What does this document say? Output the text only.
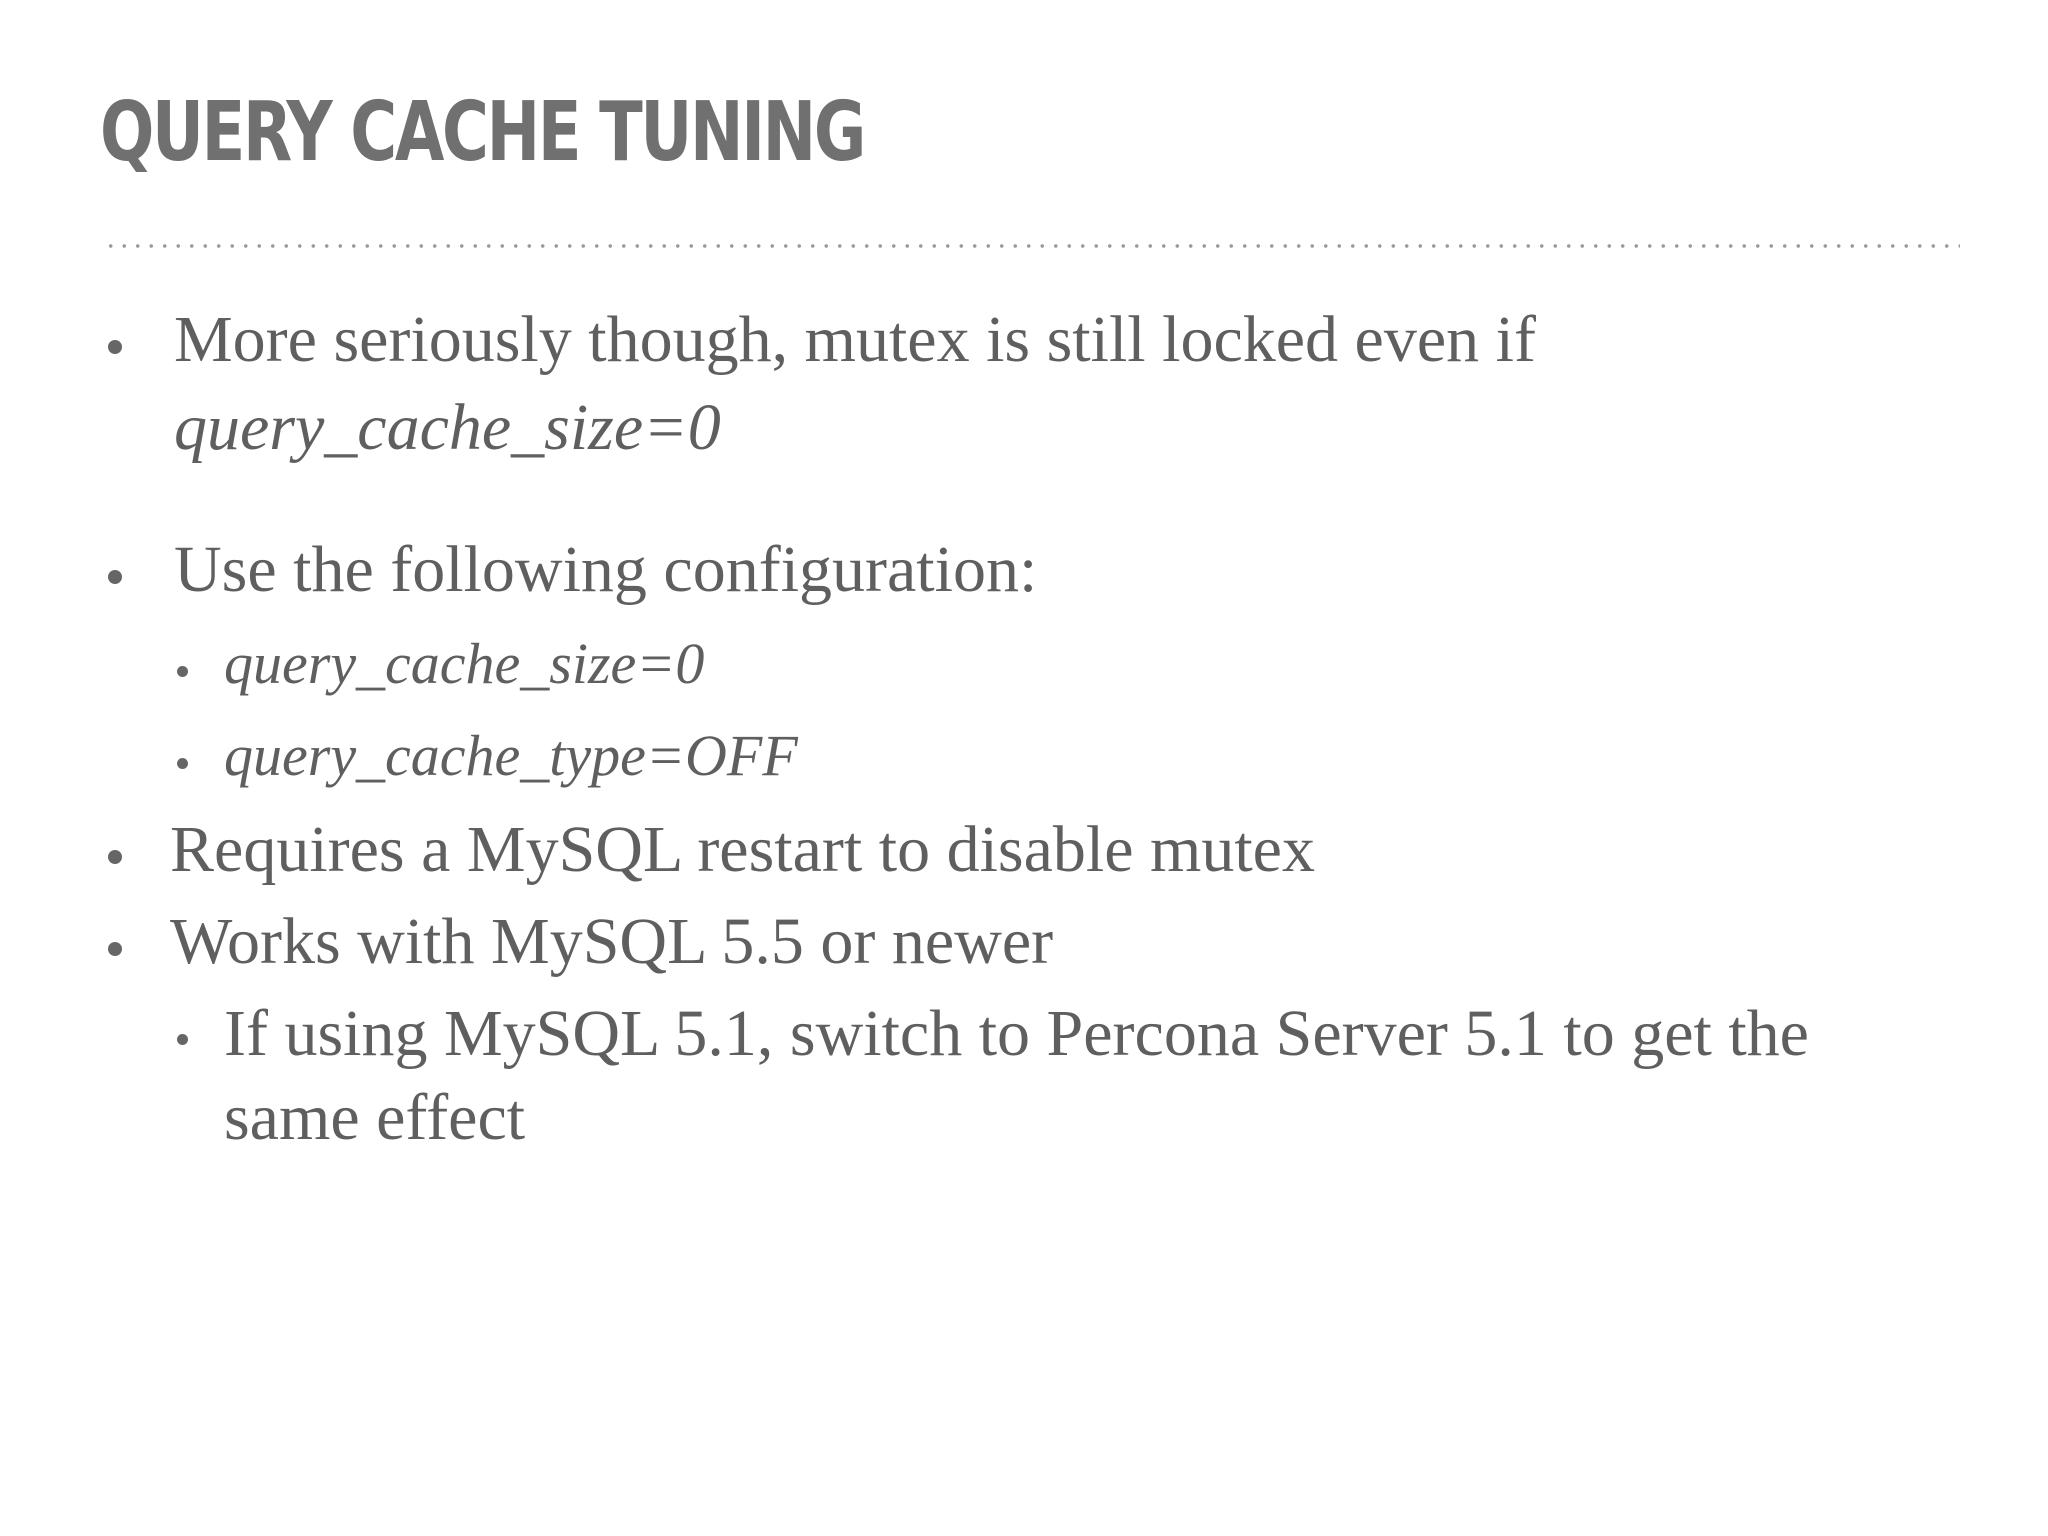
QUERY CACHE TUNING
More seriously though, mutex is still locked even if
query_cache_size=0
Use the following configuration:
query_cache_size=0
query_cache_type=OFF
Requires a MySQL restart to disable mutex
Works with MySQL 5.5 or newer
If using MySQL 5.1, switch to Percona Server 5.1 to get the
same effect
